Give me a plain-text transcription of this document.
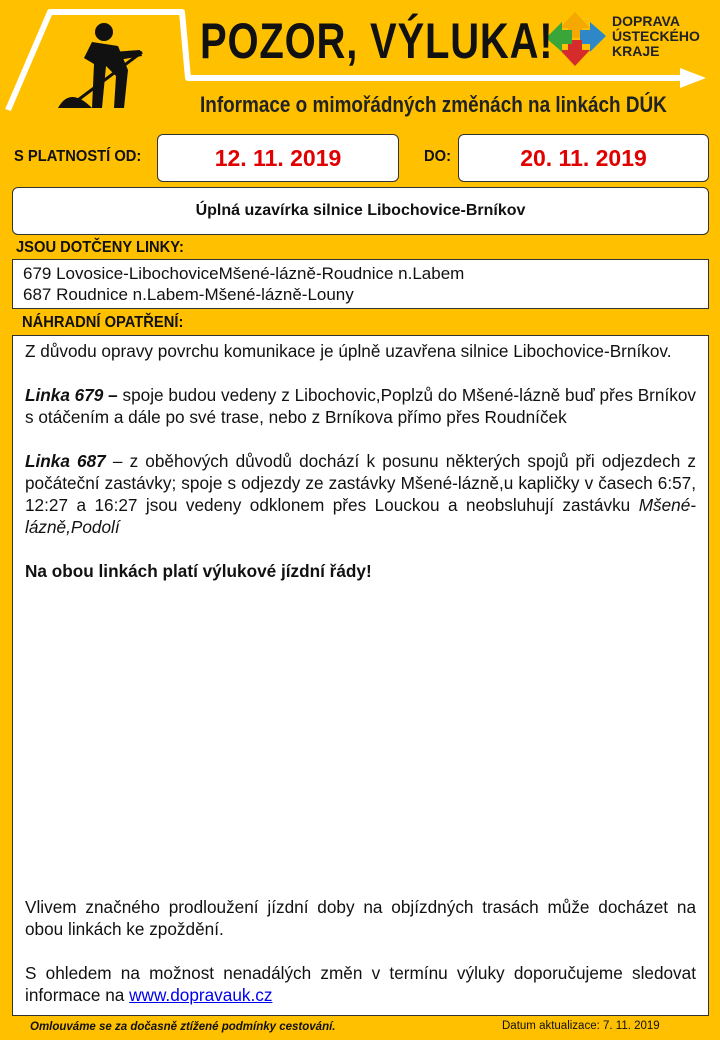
POZOR, VÝLUKA!
Informace o mimořádných změnách na linkách DÚK
DOPRAVA
ÚSTECKÉHO
KRAJE
S PLATNOSTÍ OD:	12. 11. 2019	DO:	20. 11. 2019
Úplná uzavírka silnice Libochovice-Brníkov
JSOU DOTČENY LINKY:
679 Lovosice-LibochoviceMšené-lázně-Roudnice n.Labem
687 Roudnice n.Labem-Mšené-lázně-Louny
NÁHRADNÍ OPATŘENÍ:

Z důvodu opravy povrchu komunikace je úplně uzavřena silnice Libochovice-Brníkov.

Linka 679 – spoje budou vedeny z Libochovic,Poplzů do Mšené-lázně buď přes Brníkov s otáčením a dále po své trase, nebo z Brníkova přímo přes Roudníček

Linka 687 – z oběhových důvodů dochází k posunu některých spojů při odjezdech z počáteční zastávky; spoje s odjezdy ze zastávky Mšené-lázně,u kapličky v časech 6:57, 12:27 a 16:27 jsou vedeny odklonem přes Louckou a neobsluhují zastávku Mšené-lázně,Podolí

Na obou linkách platí výlukové jízdní řády!

Vlivem značného prodloužení jízdní doby na objízdných trasách může docházet na obou linkách ke zpoždění.

S ohledem na možnost nenadálých změn v termínu výluky doporučujeme sledovat informace na www.dopravauk.cz

Omlouváme se za dočasně ztížené podmínky cestování.	Datum aktualizace: 7. 11. 2019
